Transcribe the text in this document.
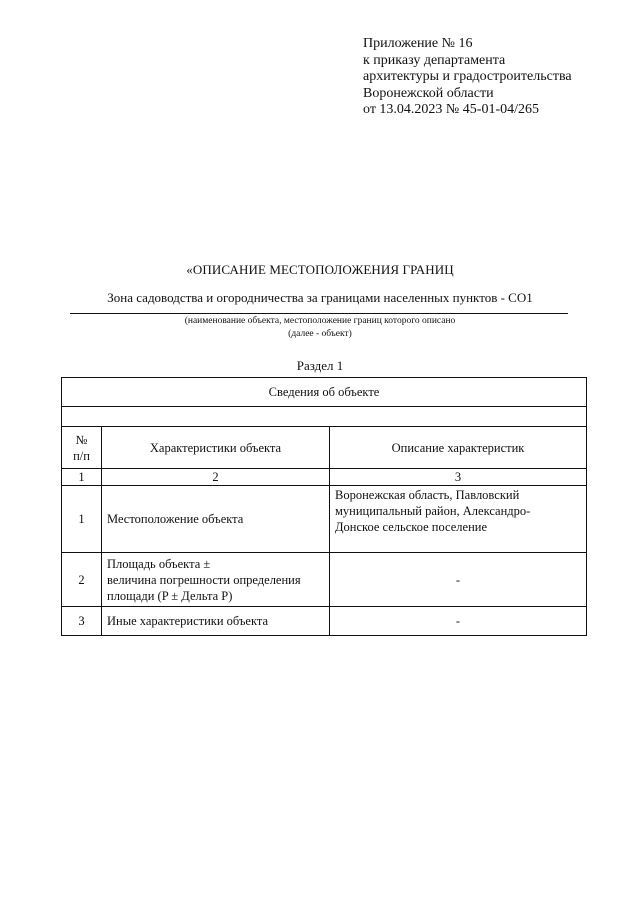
Приложение № 16
к приказу департамента
архитектуры и градостроительства
Воронежской области
от 13.04.2023 № 45-01-04/265
«ОПИСАНИЕ МЕСТОПОЛОЖЕНИЯ ГРАНИЦ
Зона садоводства и огородничества за границами населенных пунктов - СО1
(наименование объекта, местоположение границ которого описано
(далее - объект)
Раздел 1
Сведения об объекте		

№
п/п	Характеристики объекта	Описание характеристик
1	2	3
1	Местоположение объекта	Воронежская область, Павловский
муниципальный район, Александро-
Донское сельское поселение

2	Площадь объекта ±
величина погрешности определения
площади (P ± Дельта P)	-

3	Иные характеристики объекта	-
